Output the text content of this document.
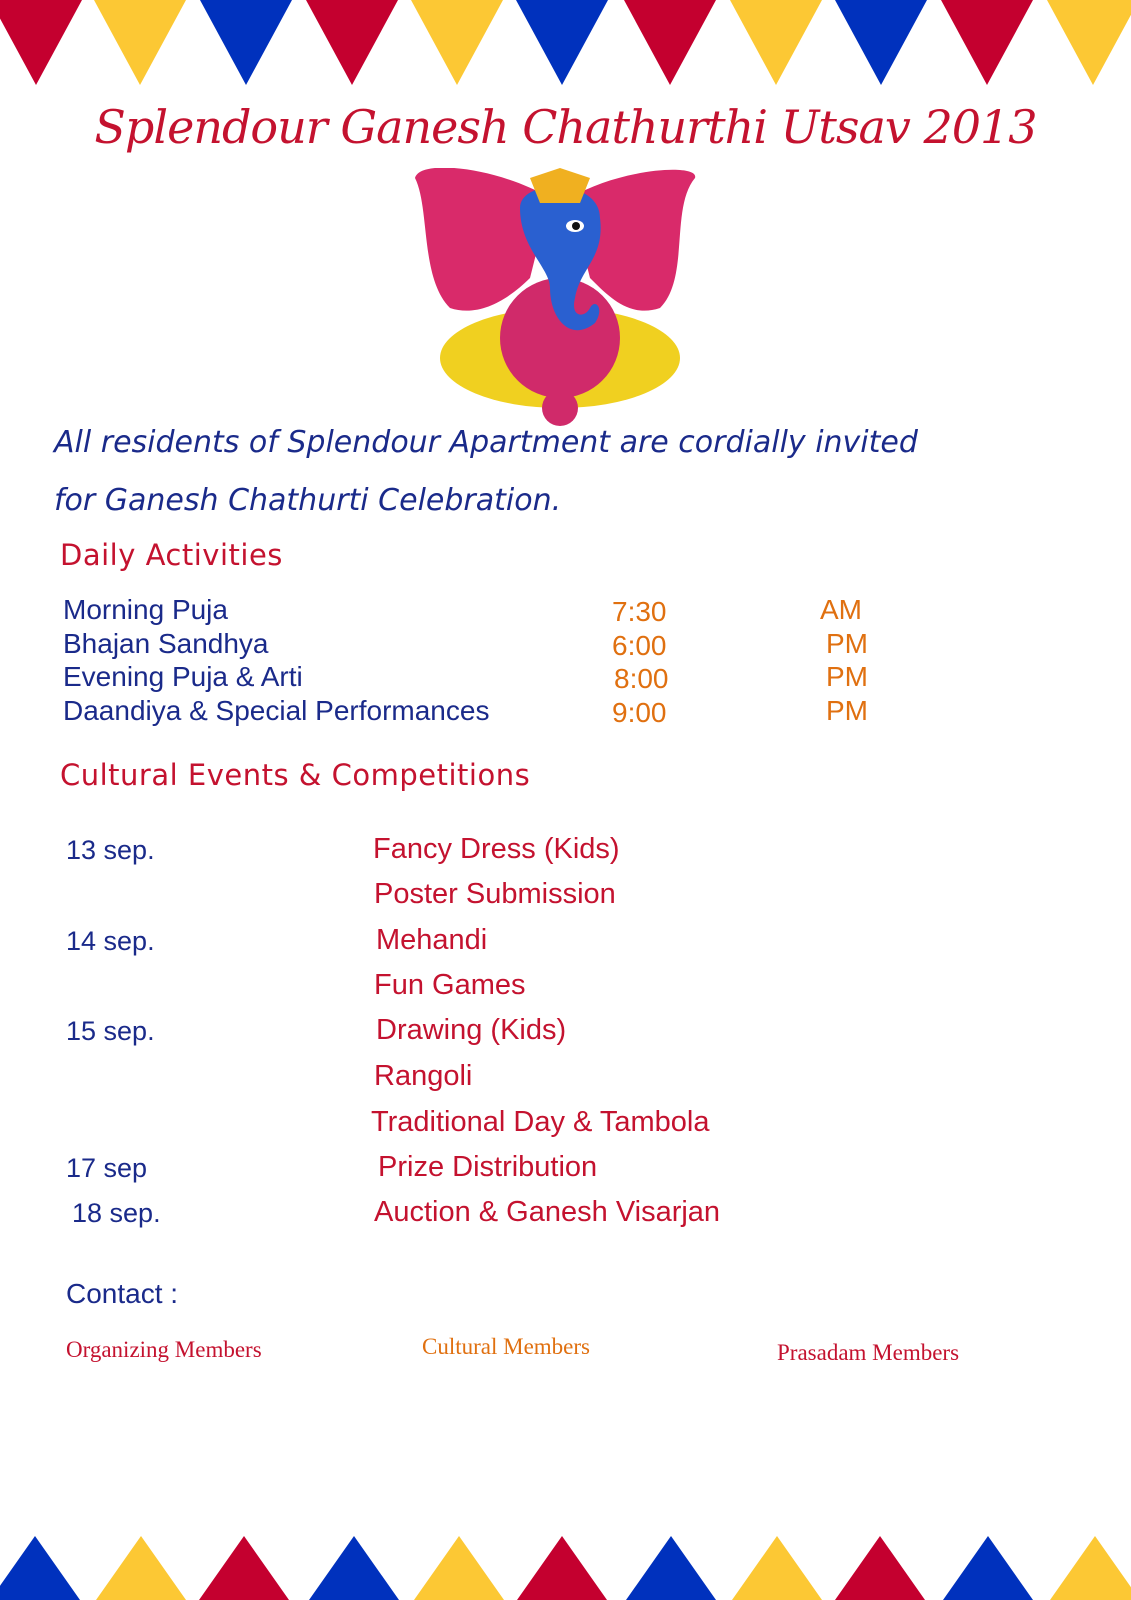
Splendour Ganesh Chathurthi Utsav 2013
All residents of Splendour Apartment are cordially invited
for Ganesh Chathurti Celebration.
Daily Activities
Morning Puja	7:30	AM
Bhajan Sandhya	6:00	PM
Evening Puja & Arti	8:00	PM
Daandiya & Special Performances	9:00	PM
Cultural Events & Competitions
13 sep.	Fancy Dress (Kids)
Poster Submission
14 sep.	Mehandi
Fun Games
15 sep.	Drawing (Kids)
Rangoli
Traditional Day & Tambola
17 sep	Prize Distribution
18 sep.	Auction & Ganesh Visarjan
Contact :
Organizing Members	Cultural Members	Prasadam Members
